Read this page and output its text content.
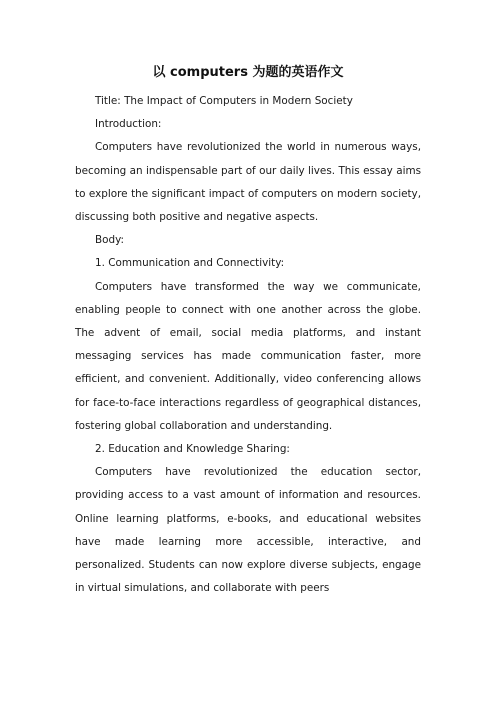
以 computers 为题的英语作文

Title: The Impact of Computers in Modern Society

Introduction:

Computers have revolutionized the world in numerous ways, becoming an indispensable part of our daily lives. This essay aims to explore the significant impact of computers on modern society, discussing both positive and negative aspects.

Body:

1. Communication and Connectivity:

Computers have transformed the way we communicate, enabling people to connect with one another across the globe. The advent of email, social media platforms, and instant messaging services has made communication faster, more efficient, and convenient. Additionally, video conferencing allows for face-to-face interactions regardless of geographical distances, fostering global collaboration and understanding.

2. Education and Knowledge Sharing:

Computers have revolutionized the education sector, providing access to a vast amount of information and resources. Online learning platforms, e-books, and educational websites have made learning more accessible, interactive, and personalized. Students can now explore diverse subjects, engage in virtual simulations, and collaborate with peers
